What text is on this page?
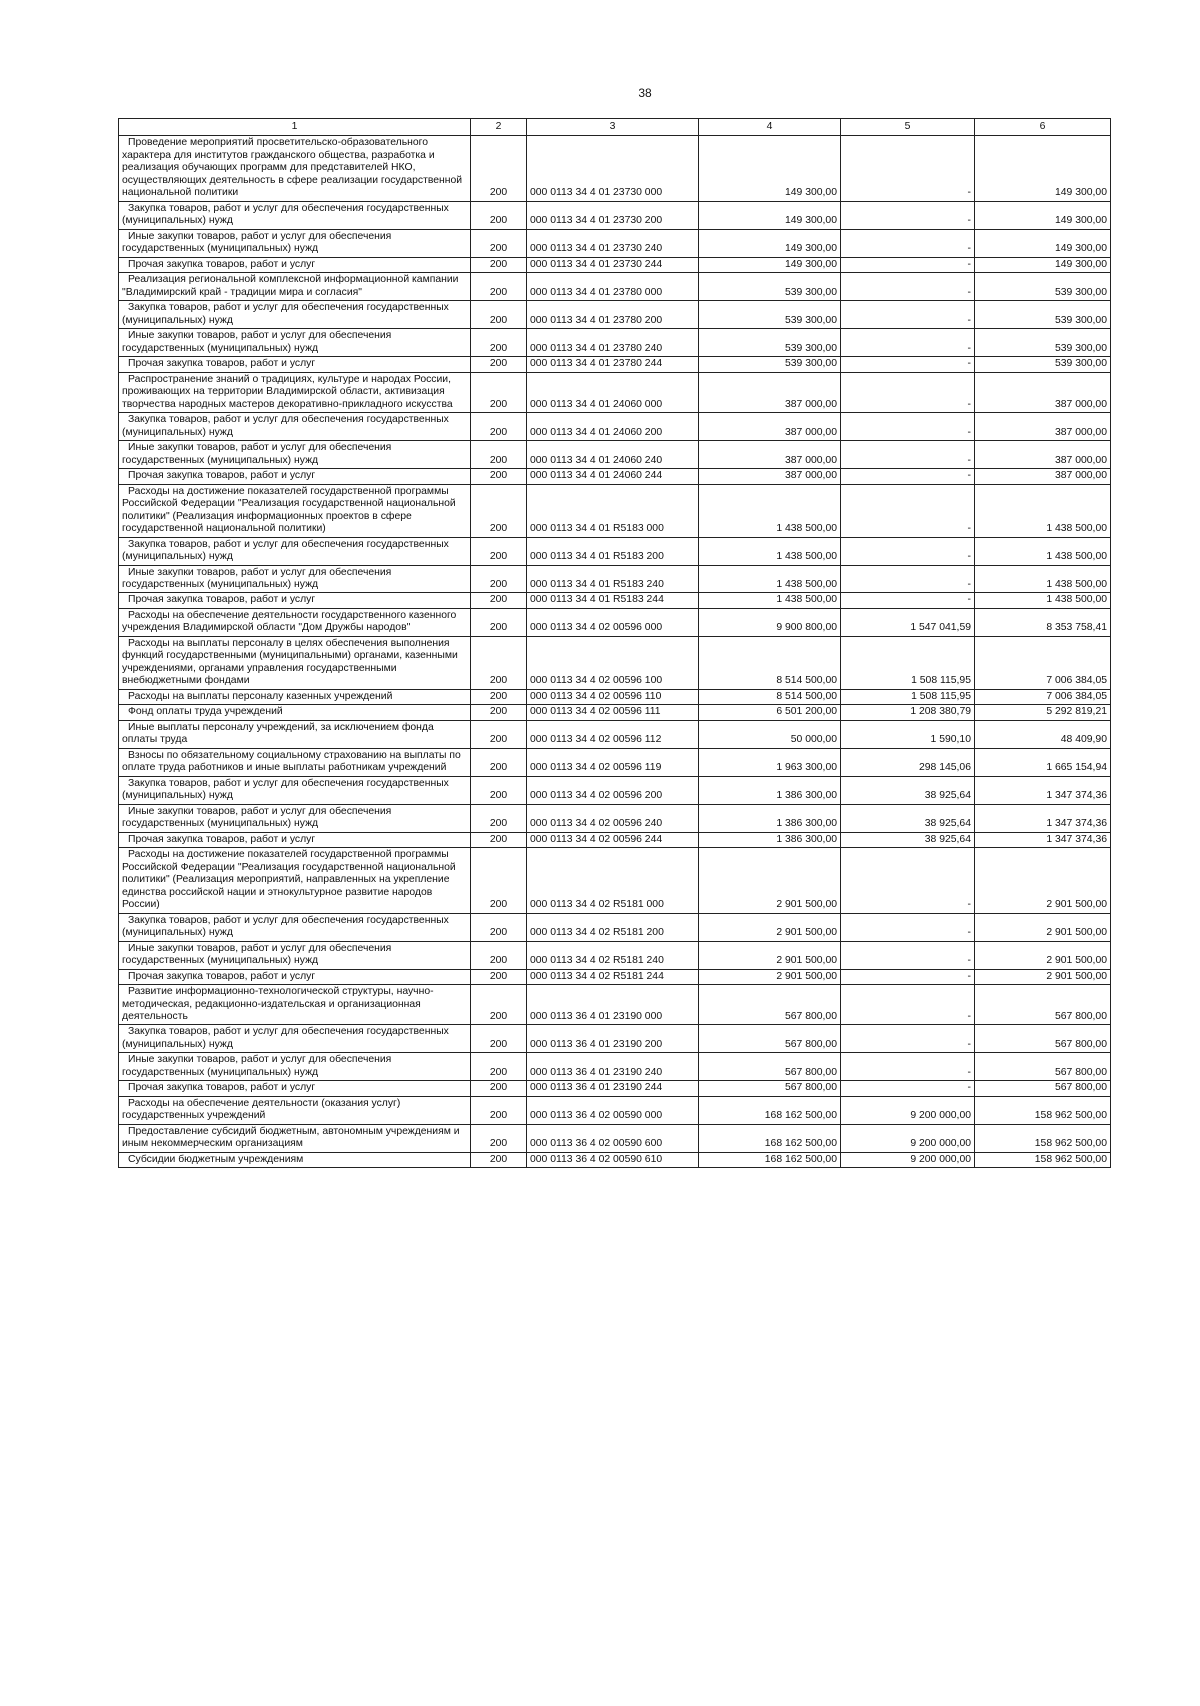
38
1	2	3	4	5	6

Проведение мероприятий просветительско-образовательного характера для институтов гражданского общества, разработка и реализация обучающих программ для представителей НКО, осуществляющих деятельность в сфере реализации государственной национальной политики	200	000 0113 34 4 01 23730 000	149 300,00	-	149 300,00

Закупка товаров, работ и услуг для обеспечения государственных (муниципальных) нужд	200	000 0113 34 4 01 23730 200	149 300,00	-	149 300,00

Иные закупки товаров, работ и услуг для обеспечения государственных (муниципальных) нужд	200	000 0113 34 4 01 23730 240	149 300,00	-	149 300,00

Прочая закупка товаров, работ и услуг	200	000 0113 34 4 01 23730 244	149 300,00	-	149 300,00

Реализация региональной комплексной информационной кампании "Владимирский край - традиции мира и согласия"	200	000 0113 34 4 01 23780 000	539 300,00	-	539 300,00

Закупка товаров, работ и услуг для обеспечения государственных (муниципальных) нужд	200	000 0113 34 4 01 23780 200	539 300,00	-	539 300,00

Иные закупки товаров, работ и услуг для обеспечения государственных (муниципальных) нужд	200	000 0113 34 4 01 23780 240	539 300,00	-	539 300,00

Прочая закупка товаров, работ и услуг	200	000 0113 34 4 01 23780 244	539 300,00	-	539 300,00

Распространение знаний о традициях, культуре и народах России, проживающих на территории Владимирской области, активизация творчества народных мастеров декоративно-прикладного искусства	200	000 0113 34 4 01 24060 000	387 000,00	-	387 000,00

Закупка товаров, работ и услуг для обеспечения государственных (муниципальных) нужд	200	000 0113 34 4 01 24060 200	387 000,00	-	387 000,00

Иные закупки товаров, работ и услуг для обеспечения государственных (муниципальных) нужд	200	000 0113 34 4 01 24060 240	387 000,00	-	387 000,00

Прочая закупка товаров, работ и услуг	200	000 0113 34 4 01 24060 244	387 000,00	-	387 000,00

Расходы на достижение показателей государственной программы Российской Федерации "Реализация государственной национальной политики" (Реализация информационных проектов в сфере государственной национальной политики)	200	000 0113 34 4 01 R5183 000	1 438 500,00	-	1 438 500,00

Закупка товаров, работ и услуг для обеспечения государственных (муниципальных) нужд	200	000 0113 34 4 01 R5183 200	1 438 500,00	-	1 438 500,00

Иные закупки товаров, работ и услуг для обеспечения государственных (муниципальных) нужд	200	000 0113 34 4 01 R5183 240	1 438 500,00	-	1 438 500,00

Прочая закупка товаров, работ и услуг	200	000 0113 34 4 01 R5183 244	1 438 500,00	-	1 438 500,00

Расходы на обеспечение деятельности государственного казенного учреждения Владимирской области "Дом Дружбы народов"	200	000 0113 34 4 02 00596 000	9 900 800,00	1 547 041,59	8 353 758,41

Расходы на выплаты персоналу в целях обеспечения выполнения функций государственными (муниципальными) органами, казенными учреждениями, органами управления государственными внебюджетными фондами	200	000 0113 34 4 02 00596 100	8 514 500,00	1 508 115,95	7 006 384,05

Расходы на выплаты персоналу казенных учреждений	200	000 0113 34 4 02 00596 110	8 514 500,00	1 508 115,95	7 006 384,05

Фонд оплаты труда учреждений	200	000 0113 34 4 02 00596 111	6 501 200,00	1 208 380,79	5 292 819,21

Иные выплаты персоналу учреждений, за исключением фонда оплаты труда	200	000 0113 34 4 02 00596 112	50 000,00	1 590,10	48 409,90

Взносы по обязательному социальному страхованию на выплаты по оплате труда работников и иные выплаты работникам учреждений	200	000 0113 34 4 02 00596 119	1 963 300,00	298 145,06	1 665 154,94

Закупка товаров, работ и услуг для обеспечения государственных (муниципальных) нужд	200	000 0113 34 4 02 00596 200	1 386 300,00	38 925,64	1 347 374,36

Иные закупки товаров, работ и услуг для обеспечения государственных (муниципальных) нужд	200	000 0113 34 4 02 00596 240	1 386 300,00	38 925,64	1 347 374,36

Прочая закупка товаров, работ и услуг	200	000 0113 34 4 02 00596 244	1 386 300,00	38 925,64	1 347 374,36

Расходы на достижение показателей государственной программы Российской Федерации "Реализация государственной национальной политики" (Реализация мероприятий, направленных на укрепление единства российской нации и этнокультурное развитие народов России)	200	000 0113 34 4 02 R5181 000	2 901 500,00	-	2 901 500,00

Закупка товаров, работ и услуг для обеспечения государственных (муниципальных) нужд	200	000 0113 34 4 02 R5181 200	2 901 500,00	-	2 901 500,00

Иные закупки товаров, работ и услуг для обеспечения государственных (муниципальных) нужд	200	000 0113 34 4 02 R5181 240	2 901 500,00	-	2 901 500,00

Прочая закупка товаров, работ и услуг	200	000 0113 34 4 02 R5181 244	2 901 500,00	-	2 901 500,00

Развитие информационно-технологической структуры, научно-методическая, редакционно-издательская и организационная деятельность	200	000 0113 36 4 01 23190 000	567 800,00	-	567 800,00

Закупка товаров, работ и услуг для обеспечения государственных (муниципальных) нужд	200	000 0113 36 4 01 23190 200	567 800,00	-	567 800,00

Иные закупки товаров, работ и услуг для обеспечения государственных (муниципальных) нужд	200	000 0113 36 4 01 23190 240	567 800,00	-	567 800,00

Прочая закупка товаров, работ и услуг	200	000 0113 36 4 01 23190 244	567 800,00	-	567 800,00

Расходы на обеспечение деятельности (оказания услуг) государственных учреждений	200	000 0113 36 4 02 00590 000	168 162 500,00	9 200 000,00	158 962 500,00

Предоставление субсидий бюджетным, автономным учреждениям и иным некоммерческим организациям	200	000 0113 36 4 02 00590 600	168 162 500,00	9 200 000,00	158 962 500,00

Субсидии бюджетным учреждениям	200	000 0113 36 4 02 00590 610	168 162 500,00	9 200 000,00	158 962 500,00
